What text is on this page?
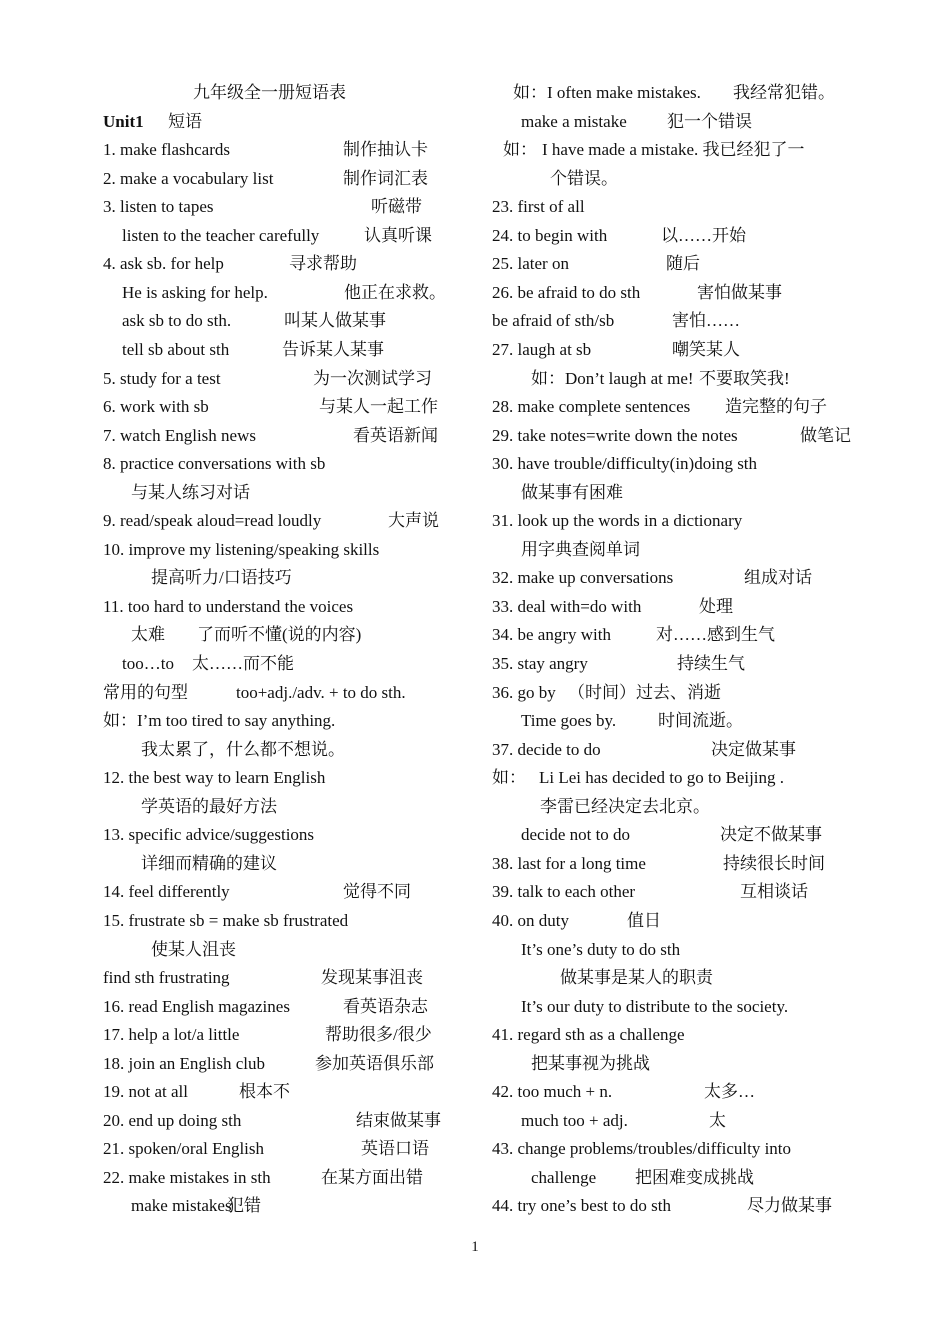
九年级全一册短语表
Unit1 短语
1. make flashcards	制作抽认卡
2. make a vocabulary list	制作词汇表
3. listen to tapes	听磁带
listen to the teacher carefully	认真听课
4. ask sb. for help	寻求帮助
He is asking for help.	他正在求救。
ask sb to do sth.	叫某人做某事
tell sb about sth	告诉某人某事
5. study for a test	为一次测试学习
6. work with sb	与某人一起工作
7. watch English news	看英语新闻
8. practice conversations with sb
与某人练习对话
9. read/speak aloud=read loudly	大声说
10. improve my listening/speaking skills
提高听力/口语技巧
11. too hard to understand the voices
太难 了而听不懂(说的内容)
too…to 太……而不能
常用的句型	too+adj./adv. + to do sth.
如：I’m too tired to say anything.
我太累了，什么都不想说。
12. the best way to learn English
学英语的最好方法
13. specific advice/suggestions
详细而精确的建议
14. feel differently	觉得不同
15. frustrate sb = make sb frustrated
使某人沮丧
find sth frustrating	发现某事沮丧
16. read English magazines	看英语杂志
17. help a lot/a little	帮助很多/很少
18. join an English club	参加英语俱乐部
19. not at all	根本不
20. end up doing sth	结束做某事
21. spoken/oral English	英语口语
22. make mistakes in sth	在某方面出错
make mistakes
犯错
如：I often make mistakes. 我经常犯错。
make a mistake 犯一个错误
如： I have made a mistake. 我已经犯了一
个错误。
23. first of all
24. to begin with	以……开始
25. later on	随后
26. be afraid to do sth	害怕做某事
be afraid of sth/sb	害怕……
27. laugh at sb	嘲笑某人
如：Don’t laugh at me! 不要取笑我!
28. make complete sentences 造完整的句子
29. take notes=write down the notes	做笔记
30. have trouble/difficulty(in)doing sth
做某事有困难
31. look up the words in a dictionary
用字典查阅单词
32. make up conversations	组成对话
33. deal with=do with	处理
34. be angry with	对……感到生气
35. stay angry	持续生气
36. go by （时间）过去、消逝
Time goes by. 时间流逝。
37. decide to do	决定做某事
如： Li Lei has decided to go to Beijing .
李雷已经决定去北京。
decide not to do	决定不做某事
38. last for a long time	持续很长时间
39. talk to each other	互相谈话
40. on duty	值日
It’s one’s duty to do sth
做某事是某人的职责
It’s our duty to distribute to the society.
41. regard sth as a challenge
把某事视为挑战
42. too much + n.	太多…
much too + adj.	太
43. change problems/troubles/difficulty into
challenge 把困难变成挑战
44. try one’s best to do sth	尽力做某事
1
